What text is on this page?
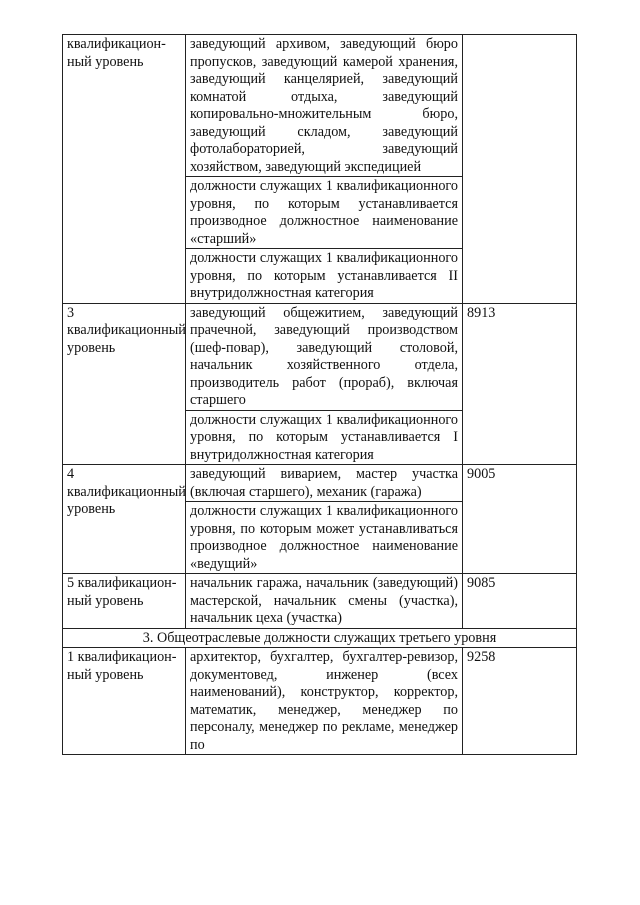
квалификацион-ный уровень	заведующий архивом, заведующий бюро пропусков, заведующий камерой хранения, заведующий канцелярией, заведующий комнатой отдыха, заведующий копировально-множительным бюро, заведующий складом, заведующий фотолабораторией, заведующий хозяйством, заведующий экспедицией	
	должности служащих 1 квалификационного уровня, по которым устанавливается производное должностное наименование «старший»	
	должности служащих 1 квалификационного уровня, по которым устанавливается II внутридолжностная категория	
3 квалификационный уровень	заведующий общежитием, заведующий прачечной, заведующий производством (шеф-повар), заведующий столовой, начальник хозяйственного отдела, производитель работ (прораб), включая старшего	8913
	должности служащих 1 квалификационного уровня, по которым устанавливается I внутридолжностная категория	
4 квалификационный уровень	заведующий виварием, мастер участка (включая старшего), механик (гаража)	9005
	должности служащих 1 квалификационного уровня, по которым может устанавливаться производное должностное наименование «ведущий»	
5 квалификацион-ный уровень	начальник гаража, начальник (заведующий) мастерской, начальник смены (участка), начальник цеха (участка)	9085
3. Общеотраслевые должности служащих третьего уровня		
1 квалификацион-ный уровень	архитектор, бухгалтер, бухгалтер-ревизор, документовед, инженер (всех наименований), конструктор, корректор, математик, менеджер, менеджер по персоналу, менеджер по рекламе, менеджер по	9258
